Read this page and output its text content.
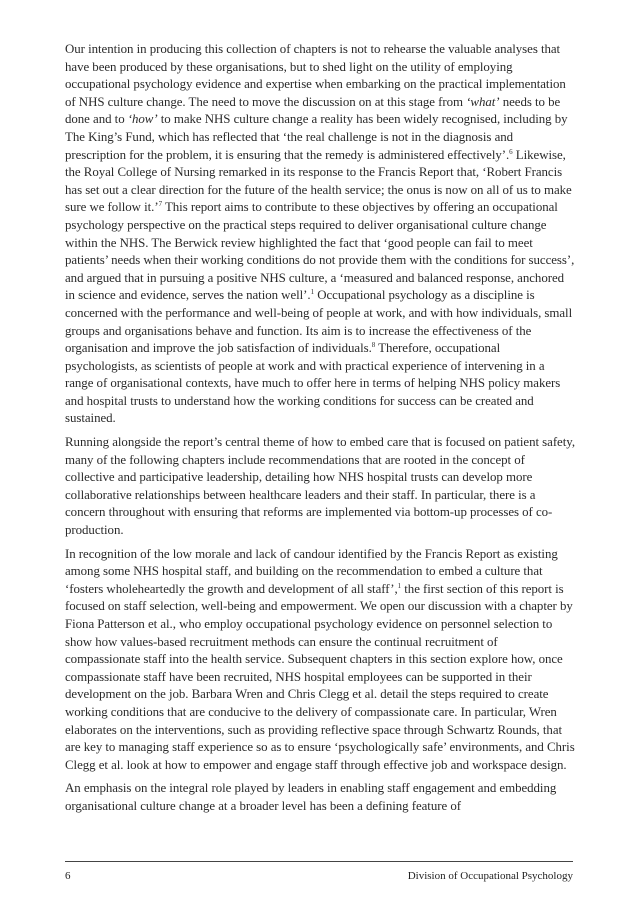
Our intention in producing this collection of chapters is not to rehearse the valuable analyses that have been produced by these organisations, but to shed light on the utility of employing occupational psychology evidence and expertise when embarking on the practical implementation of NHS culture change. The need to move the discussion on at this stage from ‘what’ needs to be done and to ‘how’ to make NHS culture change a reality has been widely recognised, including by The King’s Fund, which has reflected that ‘the real challenge is not in the diagnosis and prescription for the problem, it is ensuring that the remedy is administered effectively’.$^6$ Likewise, the Royal College of Nursing remarked in its response to the Francis Report that, ‘Robert Francis has set out a clear direction for the future of the health service; the onus is now on all of us to make sure we follow it.’$^7$ This report aims to contribute to these objectives by offering an occupational psychology perspective on the practical steps required to deliver organisational culture change within the NHS. The Berwick review highlighted the fact that ‘good people can fail to meet patients’ needs when their working conditions do not provide them with the conditions for success’, and argued that in pursuing a positive NHS culture, a ‘measured and balanced response, anchored in science and evidence, serves the nation well’.$^1$ Occupational psychology as a discipline is concerned with the performance and well-being of people at work, and with how individuals, small groups and organisations behave and function. Its aim is to increase the effectiveness of the organisation and improve the job satisfaction of individuals.$^8$ Therefore, occupational psychologists, as scientists of people at work and with practical experience of intervening in a range of organisational contexts, have much to offer here in terms of helping NHS policy makers and hospital trusts to understand how the working conditions for success can be created and sustained.

Running alongside the report’s central theme of how to embed care that is focused on patient safety, many of the following chapters include recommendations that are rooted in the concept of collective and participative leadership, detailing how NHS hospital trusts can develop more collaborative relationships between healthcare leaders and their staff. In particular, there is a concern throughout with ensuring that reforms are implemented via bottom-up processes of co-production.

In recognition of the low morale and lack of candour identified by the Francis Report as existing among some NHS hospital staff, and building on the recommendation to embed a culture that ‘fosters wholeheartedly the growth and development of all staff’,$^1$ the first section of this report is focused on staff selection, well-being and empowerment. We open our discussion with a chapter by Fiona Patterson et al., who employ occupational psychology evidence on personnel selection to show how values-based recruitment methods can ensure the continual recruitment of compassionate staff into the health service. Subsequent chapters in this section explore how, once compassionate staff have been recruited, NHS hospital employees can be supported in their development on the job. Barbara Wren and Chris Clegg et al. detail the steps required to create working conditions that are conducive to the delivery of compassionate care. In particular, Wren elaborates on the interventions, such as providing reflective space through Schwartz Rounds, that are key to managing staff experience so as to ensure ‘psychologically safe’ environments, and Chris Clegg et al. look at how to empower and engage staff through effective job and workspace design.

An emphasis on the integral role played by leaders in enabling staff engagement and embedding organisational culture change at a broader level has been a defining feature of

6	Division of Occupational Psychology
